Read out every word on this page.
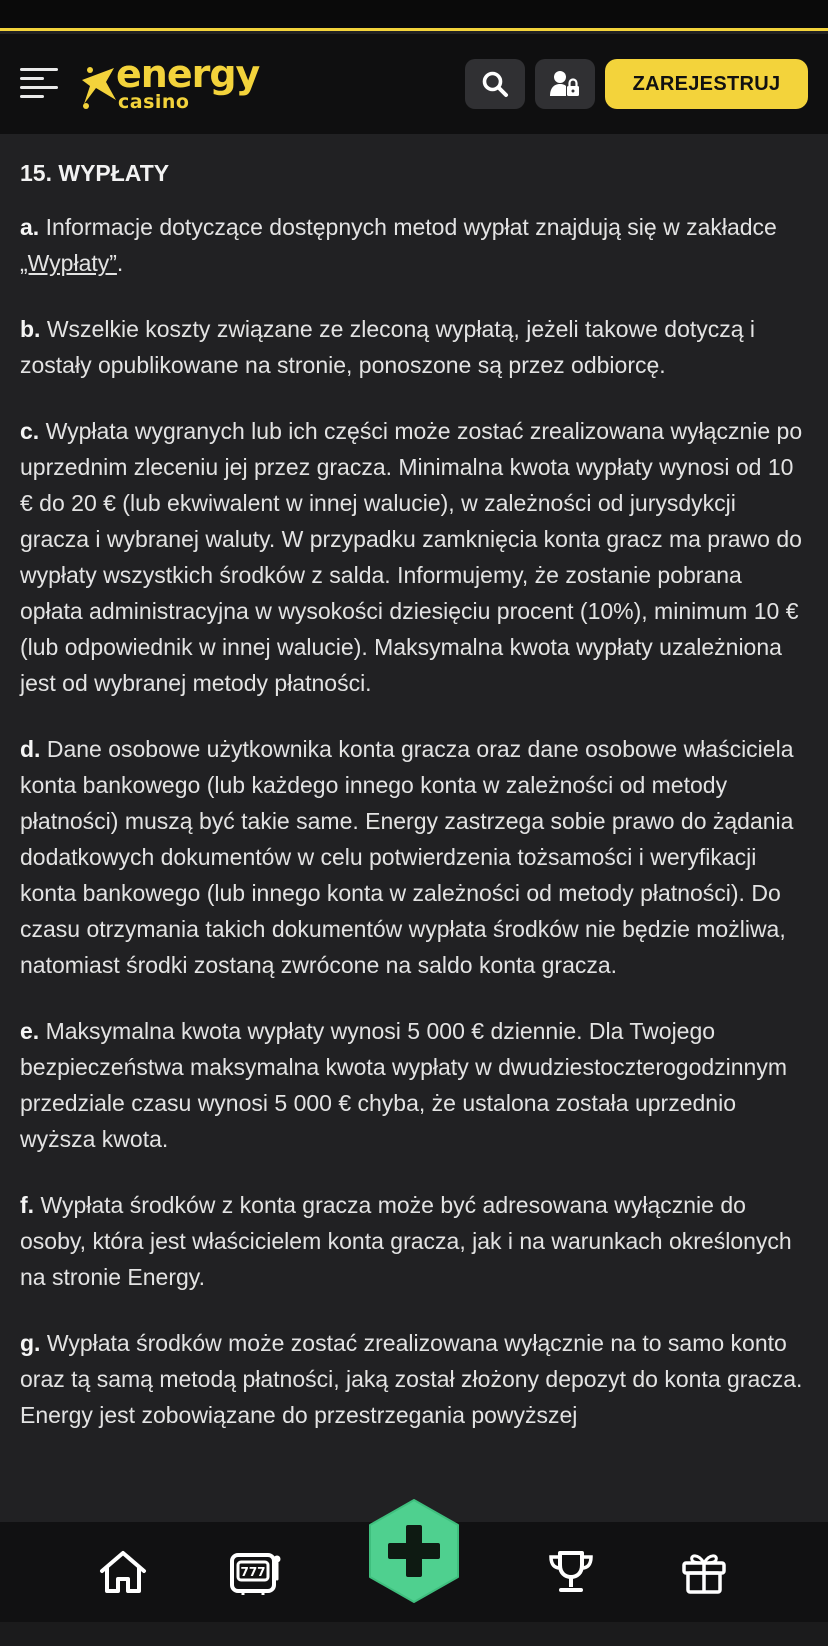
energy
casino
ZAREJESTRUJ
15. WYPŁATY

a. Informacje dotyczące dostępnych metod wypłat znajdują się w zakładce „Wypłaty”.

b. Wszelkie koszty związane ze zleconą wypłatą, jeżeli takowe dotyczą i zostały opublikowane na stronie, ponoszone są przez odbiorcę.

c. Wypłata wygranych lub ich części może zostać zrealizowana wyłącznie po uprzednim zleceniu jej przez gracza. Minimalna kwota wypłaty wynosi od 10 € do 20 € (lub ekwiwalent w innej walucie), w zależności od jurysdykcji gracza i wybranej waluty. W przypadku zamknięcia konta gracz ma prawo do wypłaty wszystkich środków z salda. Informujemy, że zostanie pobrana opłata administracyjna w wysokości dziesięciu procent (10%), minimum 10 € (lub odpowiednik w innej walucie). Maksymalna kwota wypłaty uzależniona jest od wybranej metody płatności.

d. Dane osobowe użytkownika konta gracza oraz dane osobowe właściciela konta bankowego (lub każdego innego konta w zależności od metody płatności) muszą być takie same. Energy zastrzega sobie prawo do żądania dodatkowych dokumentów w celu potwierdzenia tożsamości i weryfikacji konta bankowego (lub innego konta w zależności od metody płatności). Do czasu otrzymania takich dokumentów wypłata środków nie będzie możliwa, natomiast środki zostaną zwrócone na saldo konta gracza.

e. Maksymalna kwota wypłaty wynosi 5 000 € dziennie. Dla Twojego bezpieczeństwa maksymalna kwota wypłaty w dwudziestoczterogodzinnym przedziale czasu wynosi 5 000 € chyba, że ustalona została uprzednio wyższa kwota.

f. Wypłata środków z konta gracza może być adresowana wyłącznie do osoby, która jest właścicielem konta gracza, jak i na warunkach określonych na stronie Energy.

g. Wypłata środków może zostać zrealizowana wyłącznie na to samo konto oraz tą samą metodą płatności, jaką został złożony depozyt do konta gracza. Energy jest zobowiązane do przestrzegania powyższej

777
